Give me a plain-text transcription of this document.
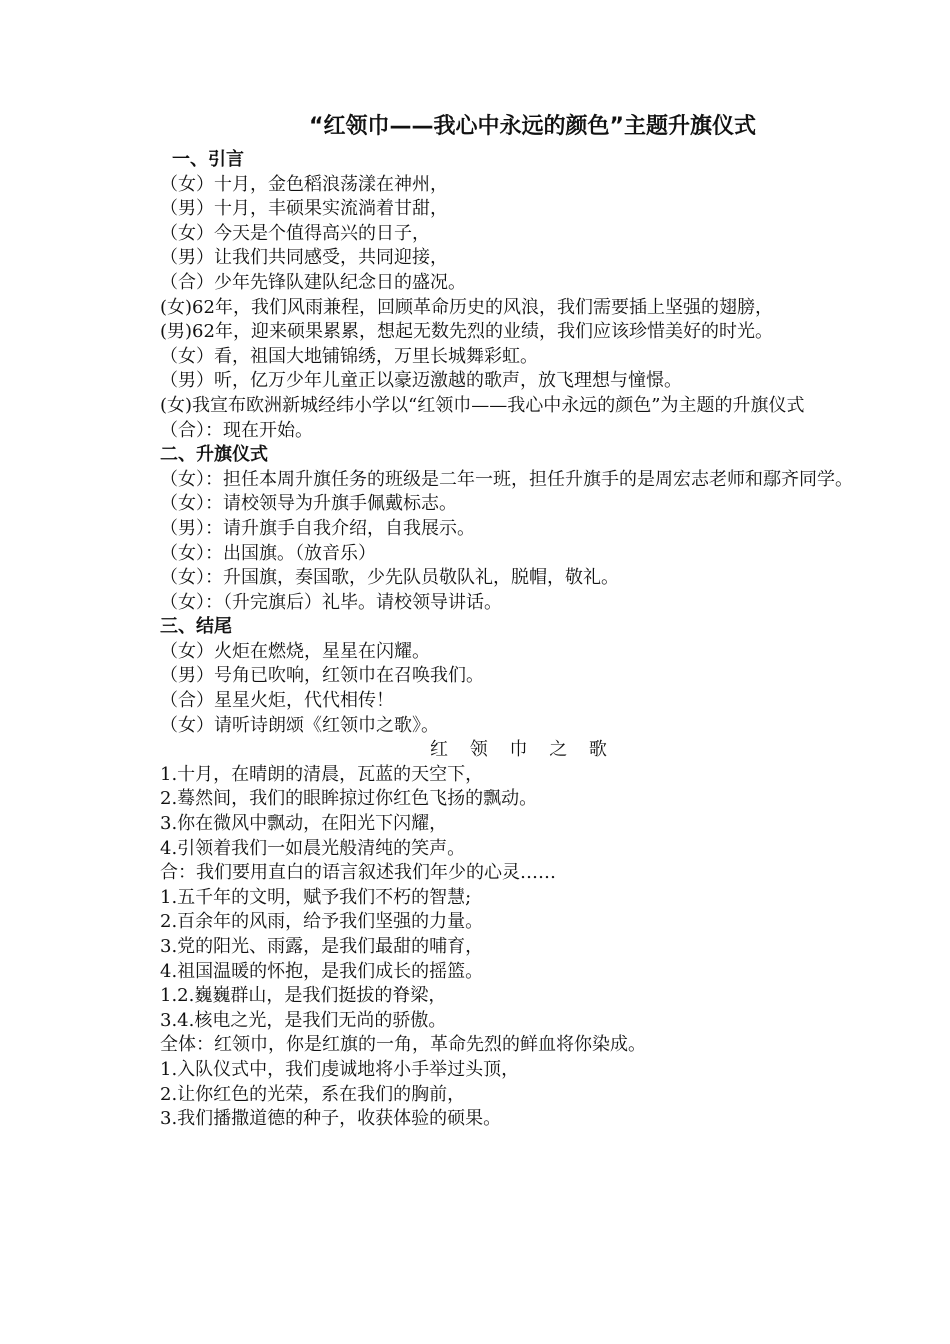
“红领巾——我心中永远的颜色”主题升旗仪式
一、引言

（女）十月，金色稻浪荡漾在神州，

（男）十月，丰硕果实流淌着甘甜，

（女）今天是个值得高兴的日子，

（男）让我们共同感受，共同迎接，

（合）少年先锋队建队纪念日的盛况。

(女)62年，我们风雨兼程，回顾革命历史的风浪，我们需要插上坚强的翅膀，

(男)62年，迎来硕果累累，想起无数先烈的业绩，我们应该珍惜美好的时光。

（女）看，祖国大地铺锦绣，万里长城舞彩虹。

（男）听，亿万少年儿童正以豪迈激越的歌声，放飞理想与憧憬。

(女)我宣布欧洲新城经纬小学以“红领巾——我心中永远的颜色”为主题的升旗仪式

（合）：现在开始。

二、升旗仪式

（女）：担任本周升旗任务的班级是二年一班，担任升旗手的是周宏志老师和鄢齐同学。

（女）：请校领导为升旗手佩戴标志。

（男）：请升旗手自我介绍，自我展示。

（女）：出国旗。（放音乐）

（女）：升国旗，奏国歌，少先队员敬队礼，脱帽，敬礼。

（女）：（升完旗后）礼毕。请校领导讲话。

三、结尾

（女）火炬在燃烧，星星在闪耀。

（男）号角已吹响，红领巾在召唤我们。

（合）星星火炬，代代相传！

（女）请听诗朗颂《红领巾之歌》。

红 领 巾 之 歌

1.十月，在晴朗的清晨，瓦蓝的天空下，

2.蓦然间，我们的眼眸掠过你红色飞扬的飘动。

3.你在微风中飘动，在阳光下闪耀，

4.引领着我们一如晨光般清纯的笑声。

合：我们要用直白的语言叙述我们年少的心灵……

1.五千年的文明，赋予我们不朽的智慧;

2.百余年的风雨，给予我们坚强的力量。

3.党的阳光、雨露，是我们最甜的哺育，

4.祖国温暖的怀抱，是我们成长的摇篮。

1.2.巍巍群山，是我们挺拔的脊梁，

3.4.核电之光，是我们无尚的骄傲。

全体：红领巾，你是红旗的一角，革命先烈的鲜血将你染成。

1.入队仪式中，我们虔诚地将小手举过头顶，

2.让你红色的光荣，系在我们的胸前，

3.我们播撒道德的种子，收获体验的硕果。
